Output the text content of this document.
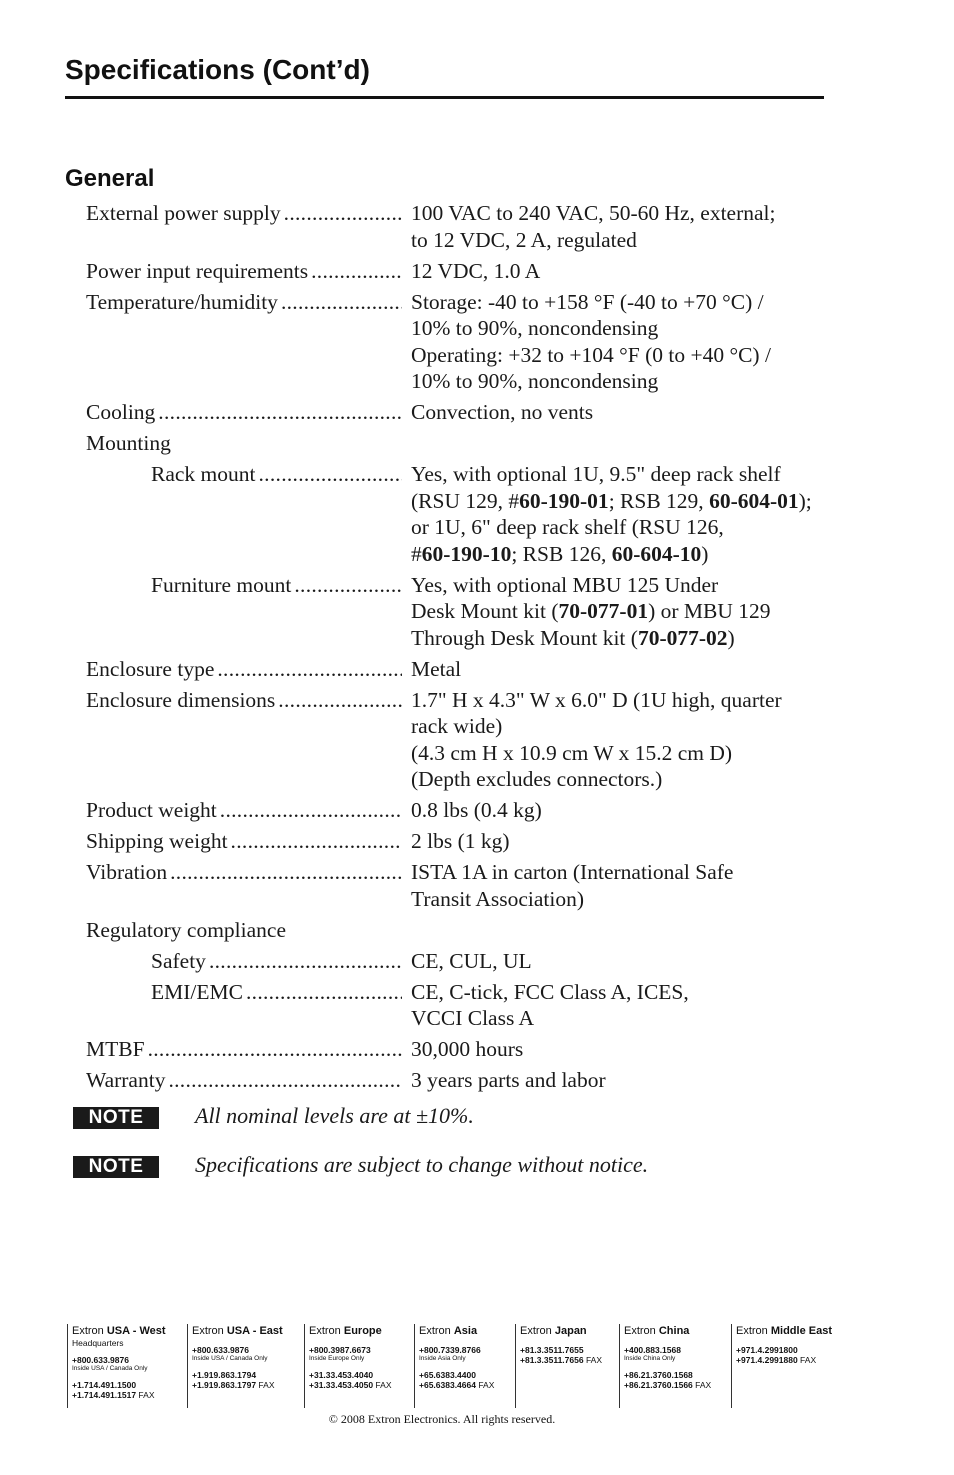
Specifications (Cont’d)
General
External power supply .....	100 VAC to 240 VAC, 50-60 Hz, external;
to 12 VDC, 2 A, regulated
Power input requirements .....	12 VDC, 1.0 A
Temperature/humidity .....	Storage: -40 to +158 °F (-40 to +70 °C) /
10% to 90%, noncondensing
Operating: +32 to +104 °F (0 to +40 °C) /
10% to 90%, noncondensing
Cooling .....	Convection, no vents
Mounting
Rack mount .....	Yes, with optional 1U, 9.5" deep rack shelf
(RSU 129, #60-190-01; RSB 129, 60-604-01);
or 1U, 6" deep rack shelf (RSU 126,
#60-190-10; RSB 126, 60-604-10)
Furniture mount .....	Yes, with optional MBU 125 Under
Desk Mount kit (70-077-01) or MBU 129
Through Desk Mount kit (70-077-02)
Enclosure type .....	Metal
Enclosure dimensions .....	1.7" H x 4.3" W x 6.0" D (1U high, quarter
rack wide)
(4.3 cm H x 10.9 cm W x 15.2 cm D)
(Depth excludes connectors.)
Product weight .....	0.8 lbs (0.4 kg)
Shipping weight .....	2 lbs (1 kg)
Vibration .....	ISTA 1A in carton (International Safe
Transit Association)
Regulatory compliance
Safety .....	CE, CUL, UL
EMI/EMC .....	CE, C-tick, FCC Class A, ICES,
VCCI Class A
MTBF .....	30,000 hours
Warranty .....	3 years parts and labor
NOTE	All nominal levels are at ±10%.
NOTE	Specifications are subject to change without notice.
Extron USA - West
Headquarters
+800.633.9876
Inside USA / Canada Only
+1.714.491.1500
+1.714.491.1517 FAX
Extron USA - East
+800.633.9876
Inside USA / Canada Only
+1.919.863.1794
+1.919.863.1797 FAX
Extron Europe
+800.3987.6673
Inside Europe Only
+31.33.453.4040
+31.33.453.4050 FAX
Extron Asia
+800.7339.8766
Inside Asia Only
+65.6383.4400
+65.6383.4664 FAX
Extron Japan
+81.3.3511.7655
+81.3.3511.7656 FAX
Extron China
+400.883.1568
Inside China Only
+86.21.3760.1568
+86.21.3760.1566 FAX
Extron Middle East
+971.4.2991800
+971.4.2991880 FAX
© 2008 Extron Electronics. All rights reserved.
